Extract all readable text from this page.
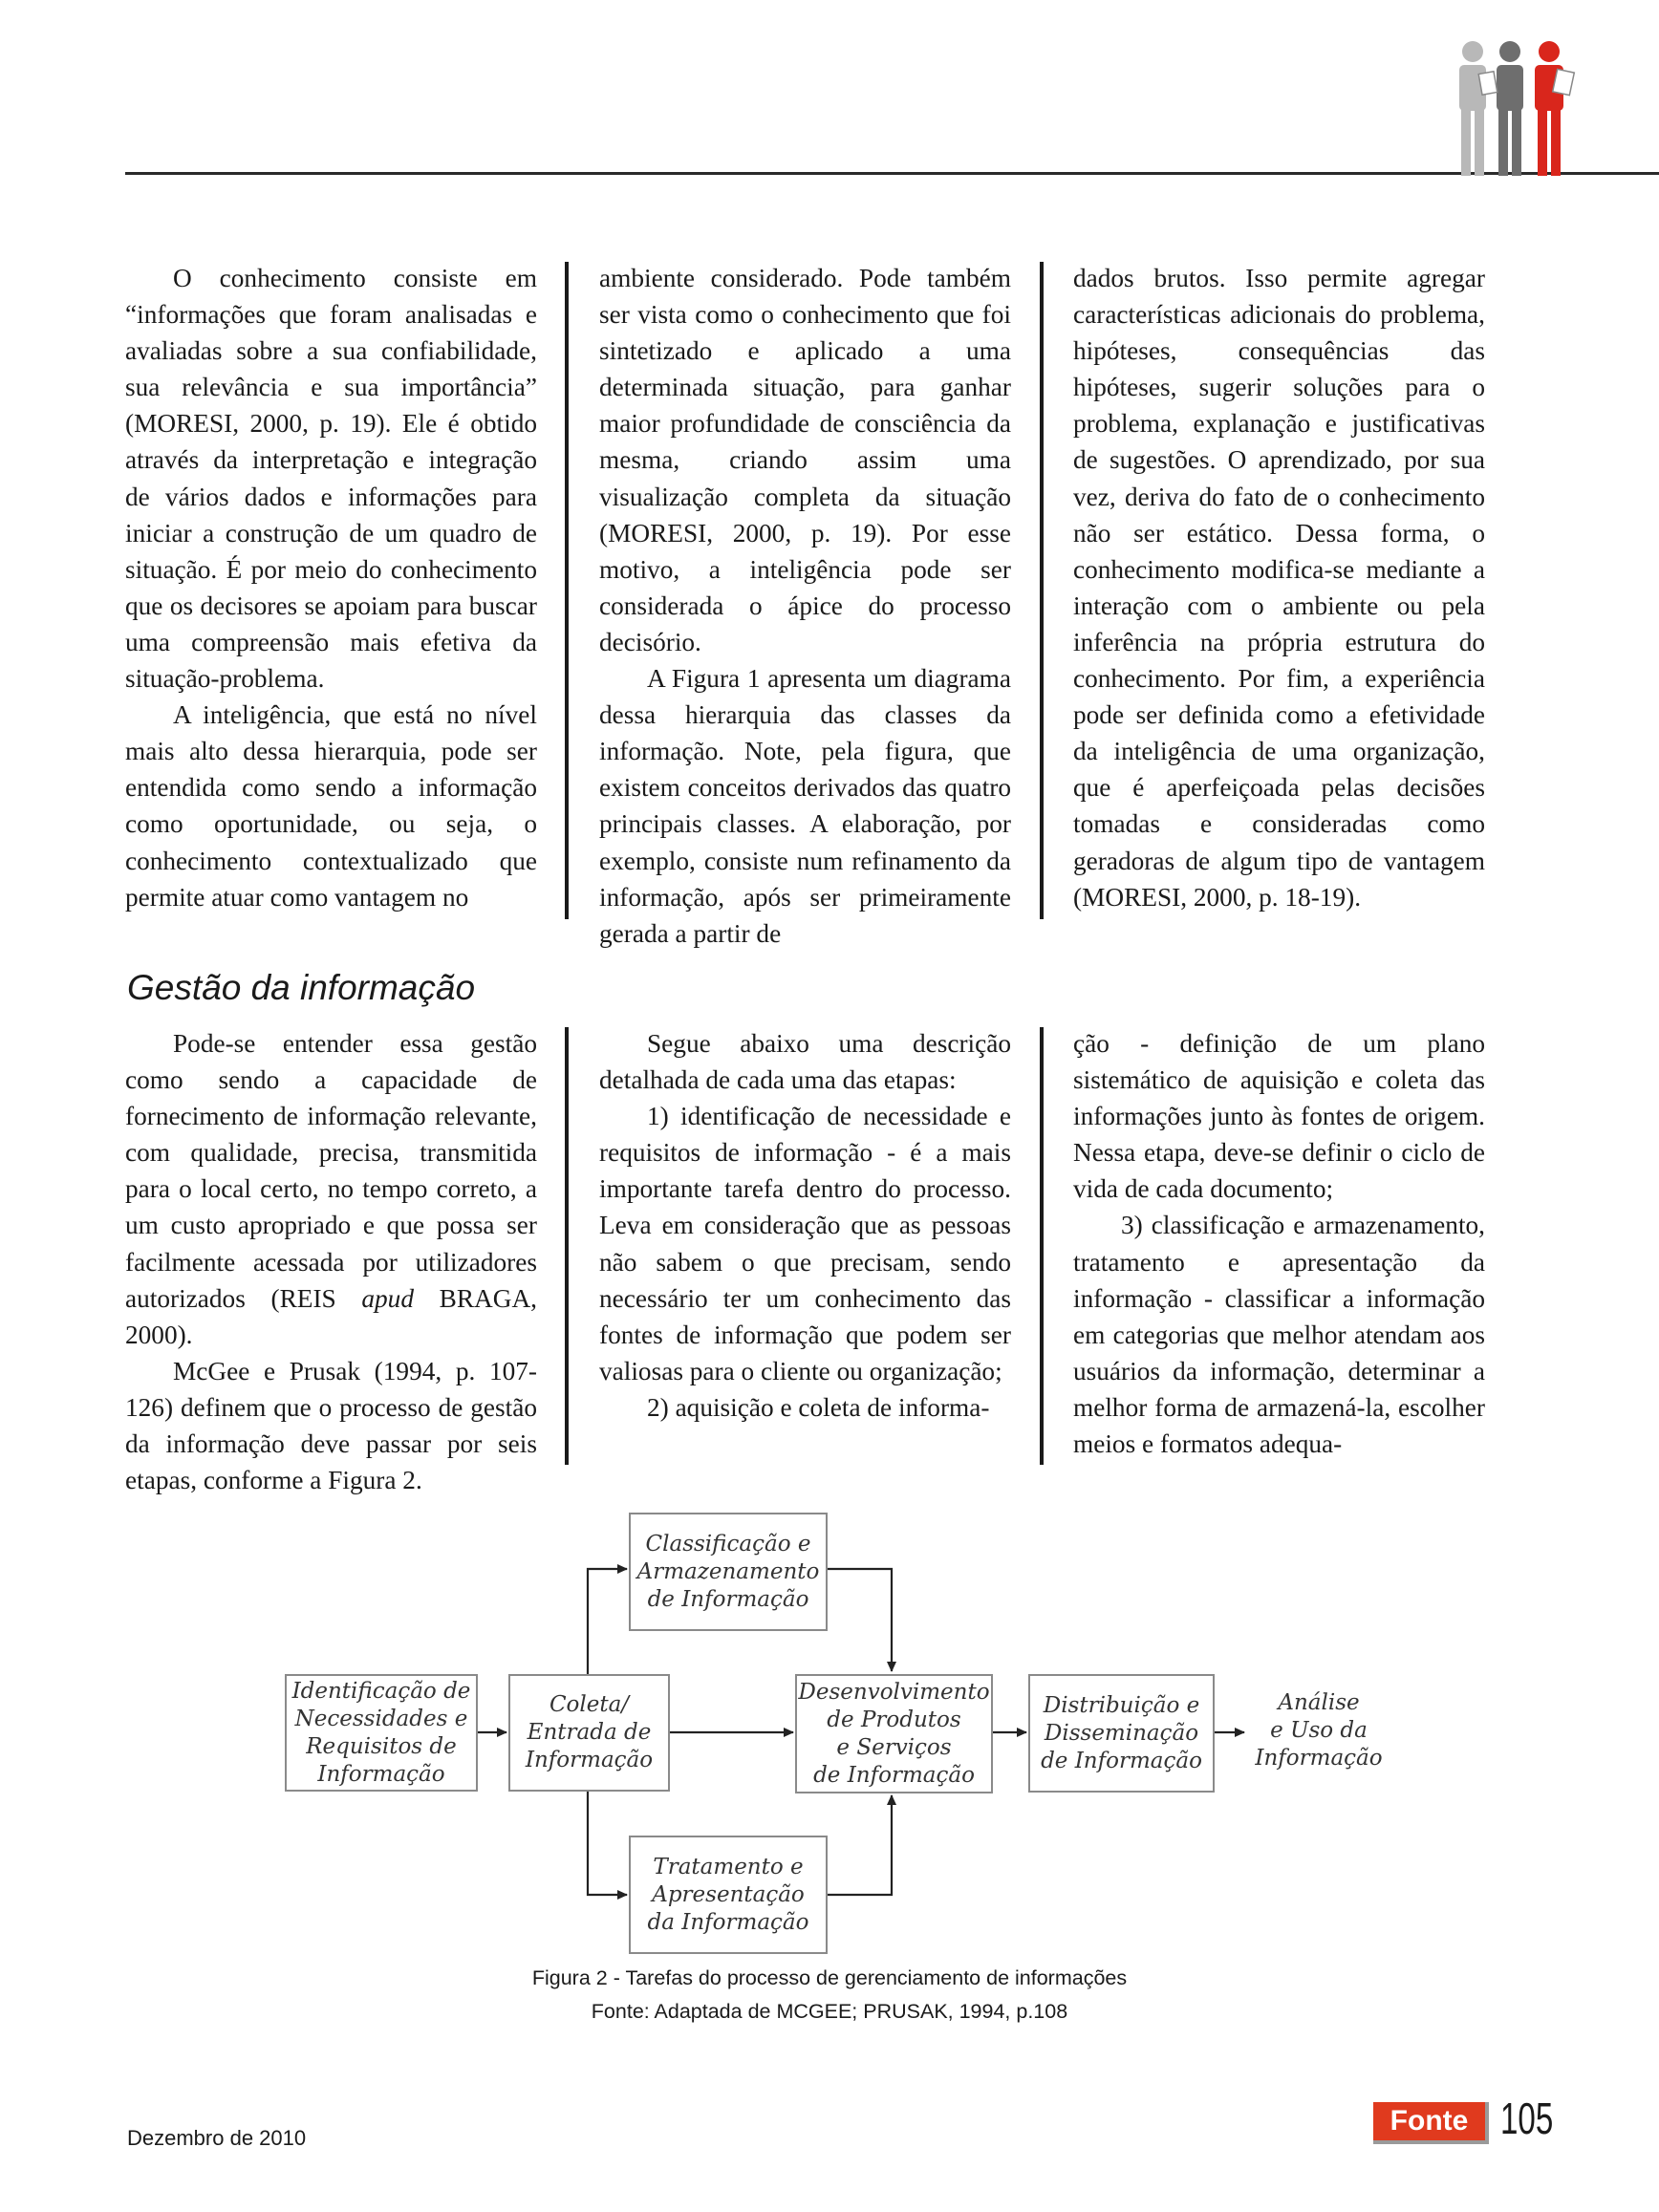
O conhecimento consiste em “informações que foram analisadas e avaliadas sobre a sua confiabilidade, sua relevância e sua importância” (MORESI, 2000, p. 19). Ele é obtido através da interpretação e integração de vários dados e informações para iniciar a construção de um quadro de situação. É por meio do conhecimento que os decisores se apoiam para buscar uma compreensão mais efetiva da situação-problema.

A inteligência, que está no nível mais alto dessa hierarquia, pode ser entendida como sendo a informação como oportunidade, ou seja, o conhecimento contextualizado que permite atuar como vantagem no

ambiente considerado. Pode também ser vista como o conhecimento que foi sintetizado e aplicado a uma determinada situação, para ganhar maior profundidade de consciência da mesma, criando assim uma visualização completa da situação (MORESI, 2000, p. 19). Por esse motivo, a inteligência pode ser considerada o ápice do processo decisório.

A Figura 1 apresenta um diagrama dessa hierarquia das classes da informação. Note, pela figura, que existem conceitos derivados das quatro principais classes. A elaboração, por exemplo, consiste num refinamento da informação, após ser primeiramente gerada a partir de

dados brutos. Isso permite agregar características adicionais do problema, hipóteses, consequências das hipóteses, sugerir soluções para o problema, explanação e justificativas de sugestões. O aprendizado, por sua vez, deriva do fato de o conhecimento não ser estático. Dessa forma, o conhecimento modifica-se mediante a interação com o ambiente ou pela inferência na própria estrutura do conhecimento. Por fim, a experiência pode ser definida como a efetividade da inteligência de uma organização, que é aperfeiçoada pelas decisões tomadas e consideradas como geradoras de algum tipo de vantagem (MORESI, 2000, p. 18-19).

Gestão da informação

Pode-se entender essa gestão como sendo a capacidade de fornecimento de informação relevante, com qualidade, precisa, transmitida para o local certo, no tempo correto, a um custo apropriado e que possa ser facilmente acessada por utilizadores autorizados (REIS apud BRAGA, 2000).

McGee e Prusak (1994, p. 107-126) definem que o processo de gestão da informação deve passar por seis etapas, conforme a Figura 2.

Segue abaixo uma descrição detalhada de cada uma das etapas:

1) identificação de necessidade e requisitos de informação - é a mais importante tarefa dentro do processo. Leva em consideração que as pessoas não sabem o que precisam, sendo necessário ter um conhecimento das fontes de informação que podem ser valiosas para o cliente ou organização;

2) aquisição e coleta de informa-

ção - definição de um plano sistemático de aquisição e coleta das informações junto às fontes de origem. Nessa etapa, deve-se definir o ciclo de vida de cada documento;

3) classificação e armazenamento, tratamento e apresentação da informação - classificar a informação em categorias que melhor atendam aos usuários da informação, determinar a melhor forma de armazená-la, escolher meios e formatos adequa-

Identificação de
Necessidades e
Requisitos de
Informação
Coleta/
Entrada de
Informação
Classificação e
Armazenamento
de Informação
Tratamento e
Apresentação
da Informação
Desenvolvimento
de Produtos
e Serviços
de Informação
Distribuição e
Disseminação
de Informação
Análise
e Uso da
Informação

Figura 2 - Tarefas do processo de gerenciamento de informações

Fonte: Adaptada de MCGEE; PRUSAK, 1994, p.108

Dezembro de 2010
Fonte 105
